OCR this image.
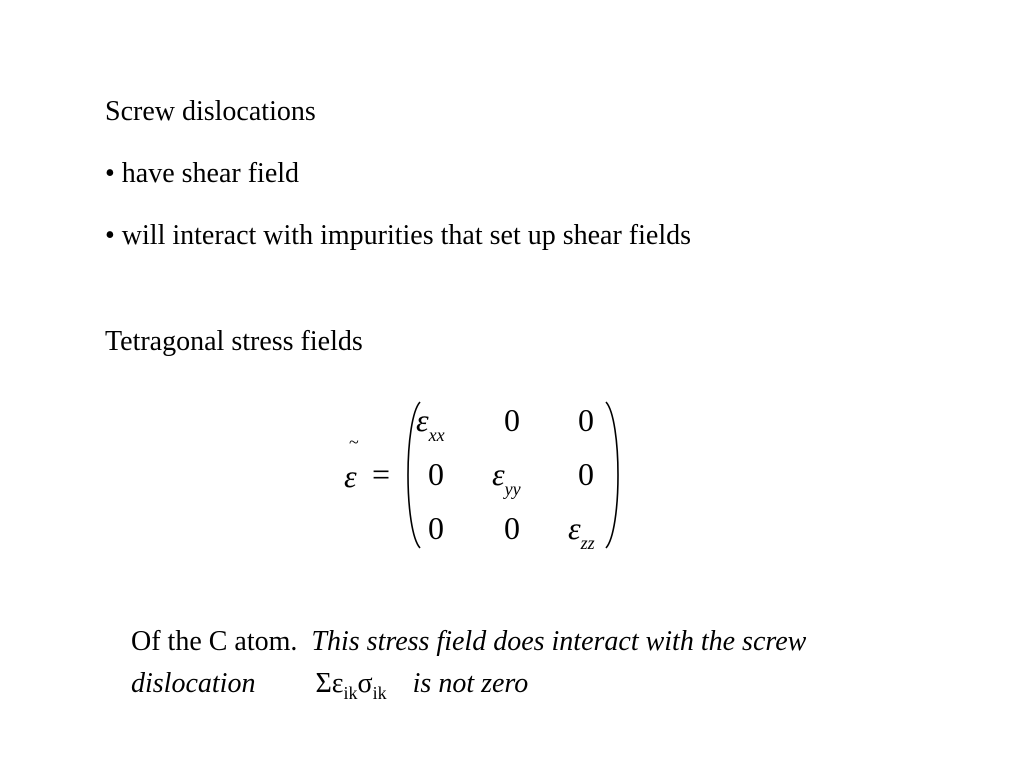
Screw dislocations
• have shear field
• will interact with impurities that set up shear fields
Tetragonal stress fields
~
ε =
$\varepsilon_{xx}$ 0 0
0 $\varepsilon_{yy}$ 0
0 0 $\varepsilon_{zz}$
Of the C atom. This stress field does interact with the screw
dislocation $\Sigma\varepsilon_{ik}\sigma_{ik}$ is not zero
